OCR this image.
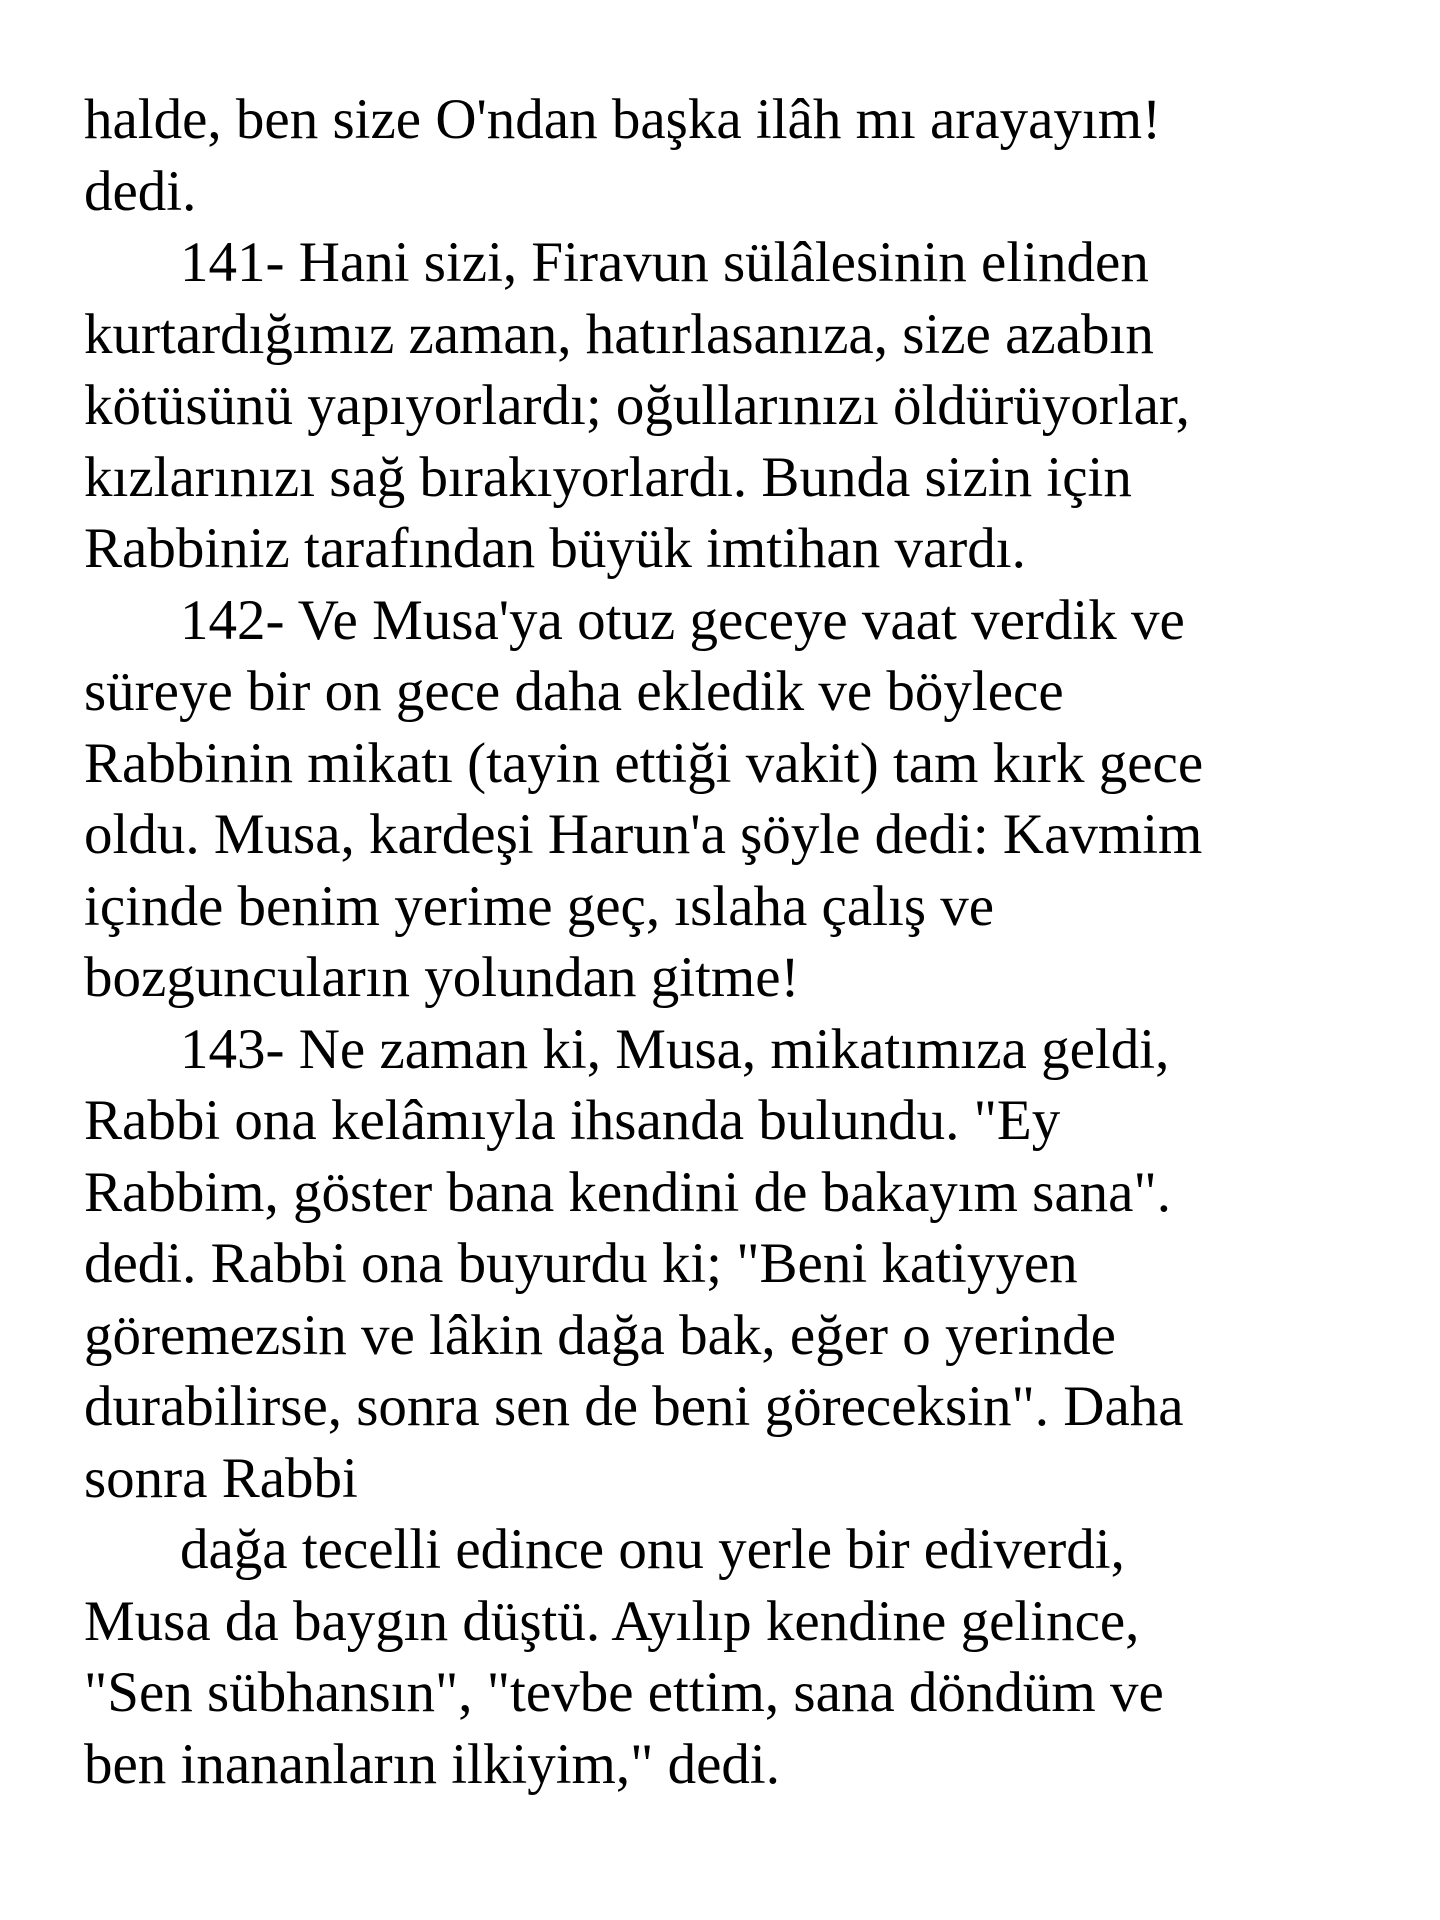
halde, ben size O'ndan başka ilâh mı arayayım!
dedi.
141- Hani sizi, Firavun sülâlesinin elinden
kurtardığımız zaman, hatırlasanıza, size azabın
kötüsünü yapıyorlardı; oğullarınızı öldürüyorlar,
kızlarınızı sağ bırakıyorlardı. Bunda sizin için
Rabbiniz tarafından büyük imtihan vardı.
142- Ve Musa'ya otuz geceye vaat verdik ve
süreye bir on gece daha ekledik ve böylece
Rabbinin mikatı (tayin ettiği vakit) tam kırk gece
oldu. Musa, kardeşi Harun'a şöyle dedi: Kavmim
içinde benim yerime geç, ıslaha çalış ve
bozguncuların yolundan gitme!
143- Ne zaman ki, Musa, mikatımıza geldi,
Rabbi ona kelâmıyla ihsanda bulundu. "Ey
Rabbim, göster bana kendini de bakayım sana".
dedi. Rabbi ona buyurdu ki; "Beni katiyyen
göremezsin ve lâkin dağa bak, eğer o yerinde
durabilirse, sonra sen de beni göreceksin". Daha
sonra Rabbi
dağa tecelli edince onu yerle bir ediverdi,
Musa da baygın düştü. Ayılıp kendine gelince,
"Sen sübhansın", "tevbe ettim, sana döndüm ve
ben inananların ilkiyim," dedi.
